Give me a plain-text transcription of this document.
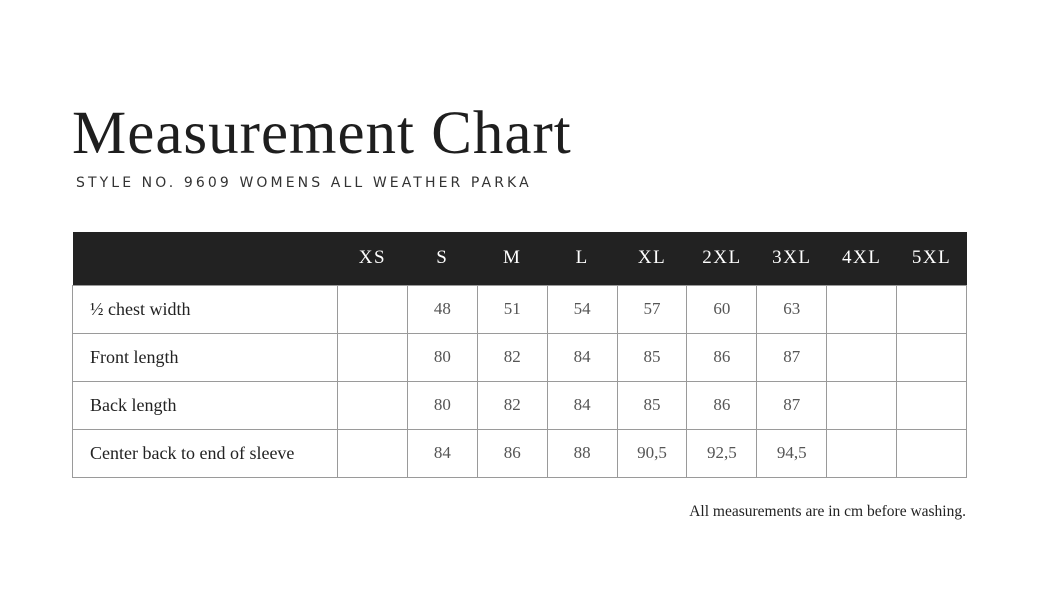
Measurement Chart

STYLE NO. 9609 WOMENS ALL WEATHER PARKA

	XS	S	M	L	XL	2XL	3XL	4XL	5XL
½ chest width		48	51	54	57	60	63		
Front length		80	82	84	85	86	87		
Back length		80	82	84	85	86	87		
Center back to end of sleeve		84	86	88	90,5	92,5	94,5		

All measurements are in cm before washing.
